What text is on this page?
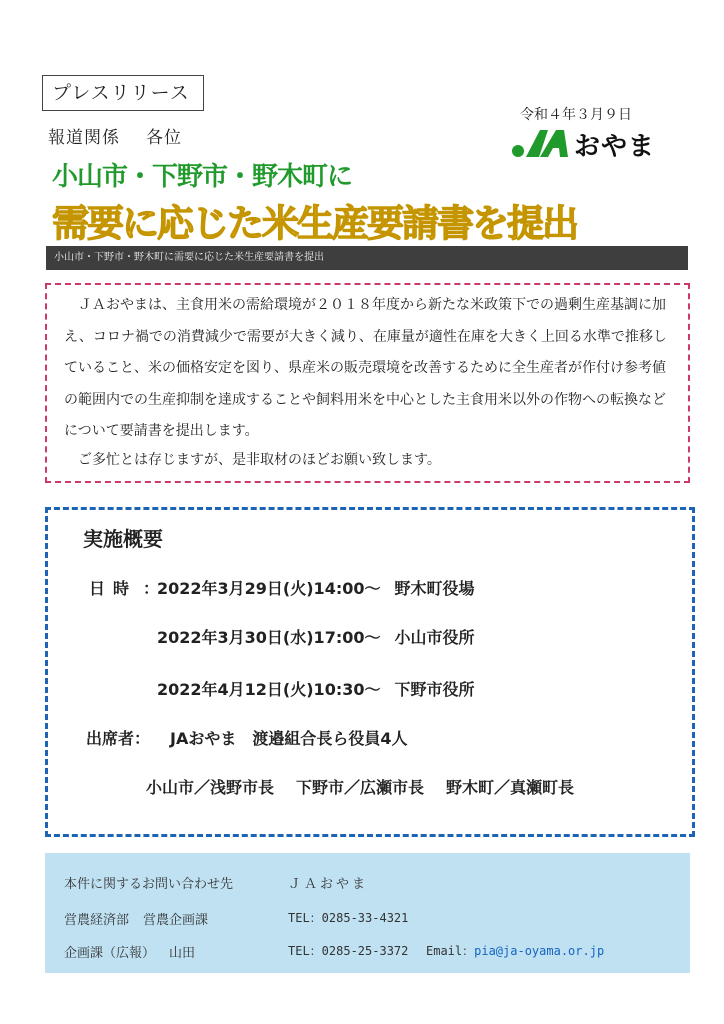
プレスリリース
令和４年３月９日
報道関係 各位	おやま
小山市・下野市・野木町に
需要に応じた米生産要請書を提出
小山市・下野市・野木町に需要に応じた米生産要請書を提出
ＪＡおやまは、主食用米の需給環境が２０１８年度から新たな米政策下での過剰生産基調に加え、コロナ禍での消費減少で需要が大きく減り、在庫量が適性在庫を大きく上回る水準で推移していること、米の価格安定を図り、県産米の販売環境を改善するために全生産者が作付け参考値の範囲内での生産抑制を達成することや飼料用米を中心とした主食用米以外の作物への転換などについて要請書を提出します。
ご多忙とは存じますが、是非取材のほどお願い致します。
実施概要
日時 ：
2022年3月29日(火)14:00～ 野木町役場
2022年3月30日(水)17:00～ 小山市役所
2022年4月12日(火)10:30～ 下野市役所
出席者： JAおやま　渡邉組合長ら役員4人
小山市／浅野市長 下野市／広瀬市長 野木町／真瀬町長
本件に関するお問い合わせ先	ＪＡおやま
営農経済部 営農企画課	TEL：0285-33-4321
企画課（広報） 山田	TEL：0285-25-3372 Email：pia@ja-oyama.or.jp
